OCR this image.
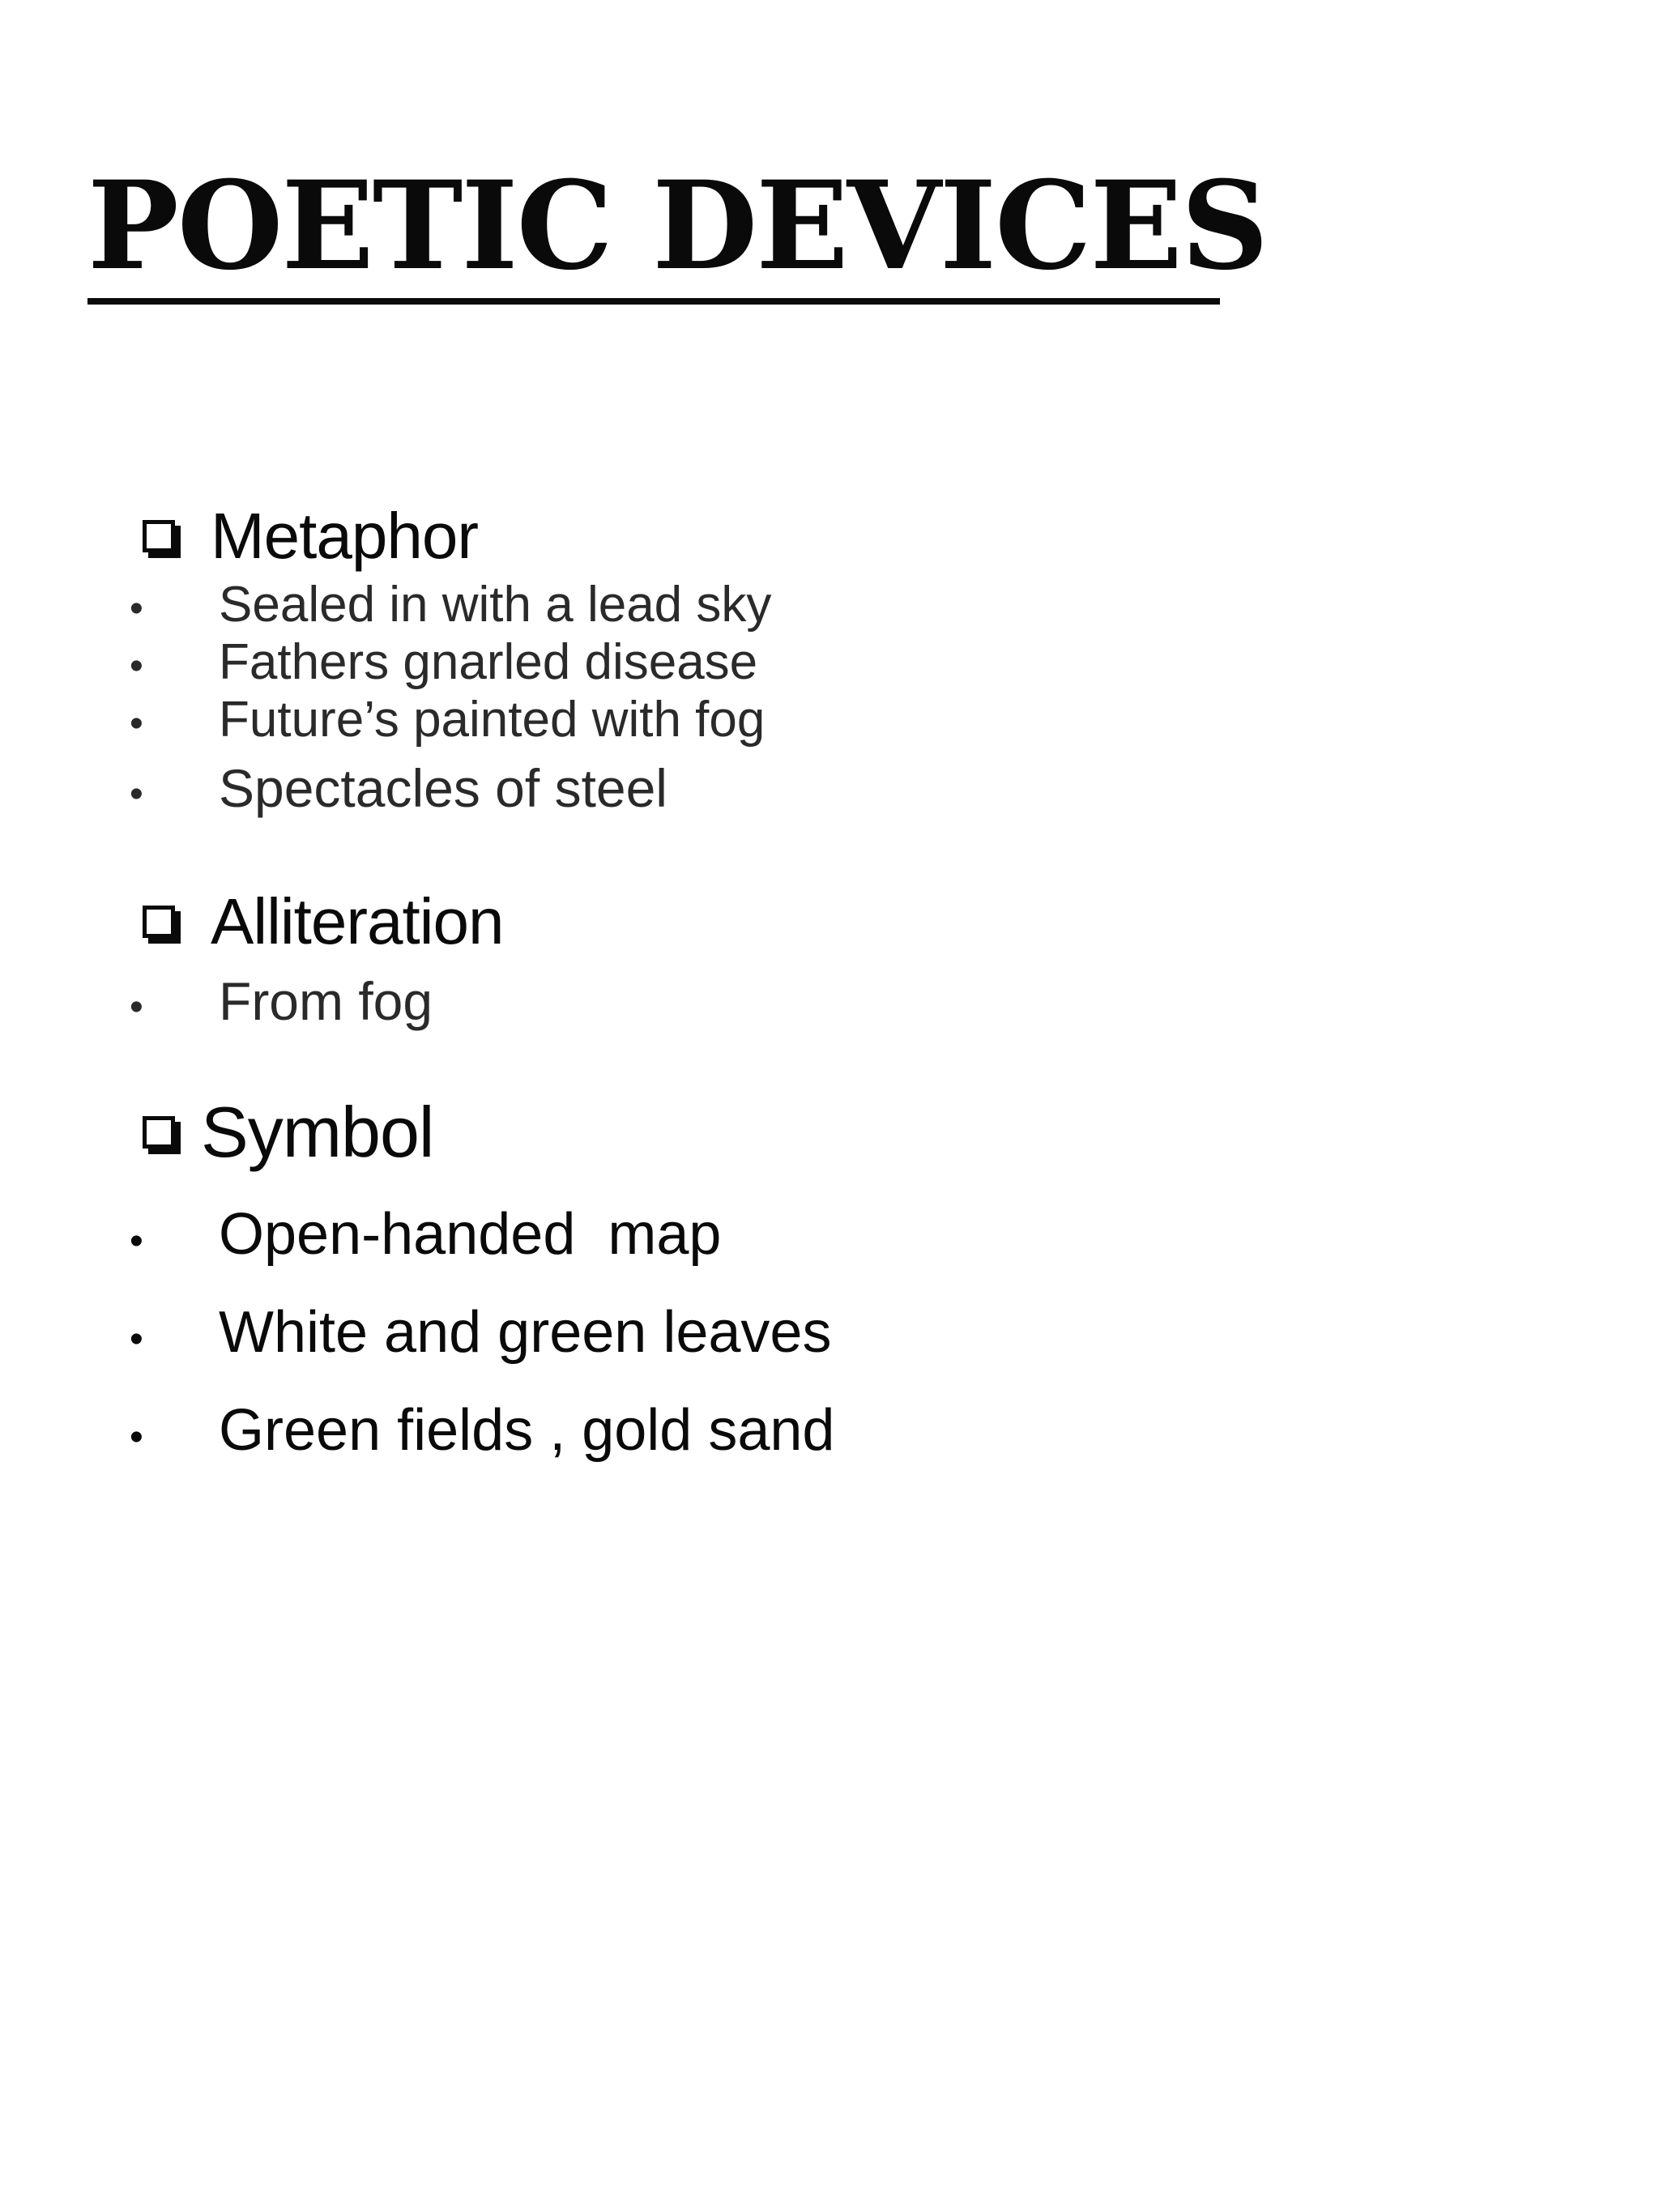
POETIC DEVICES
Metaphor
•	Sealed in with a lead sky
•	Fathers gnarled disease
•	Future’s painted with fog
•	Spectacles of steel
Alliteration
•	From fog
Symbol
•	Open-handed  map
•	White and green leaves
•	Green fields , gold sand
